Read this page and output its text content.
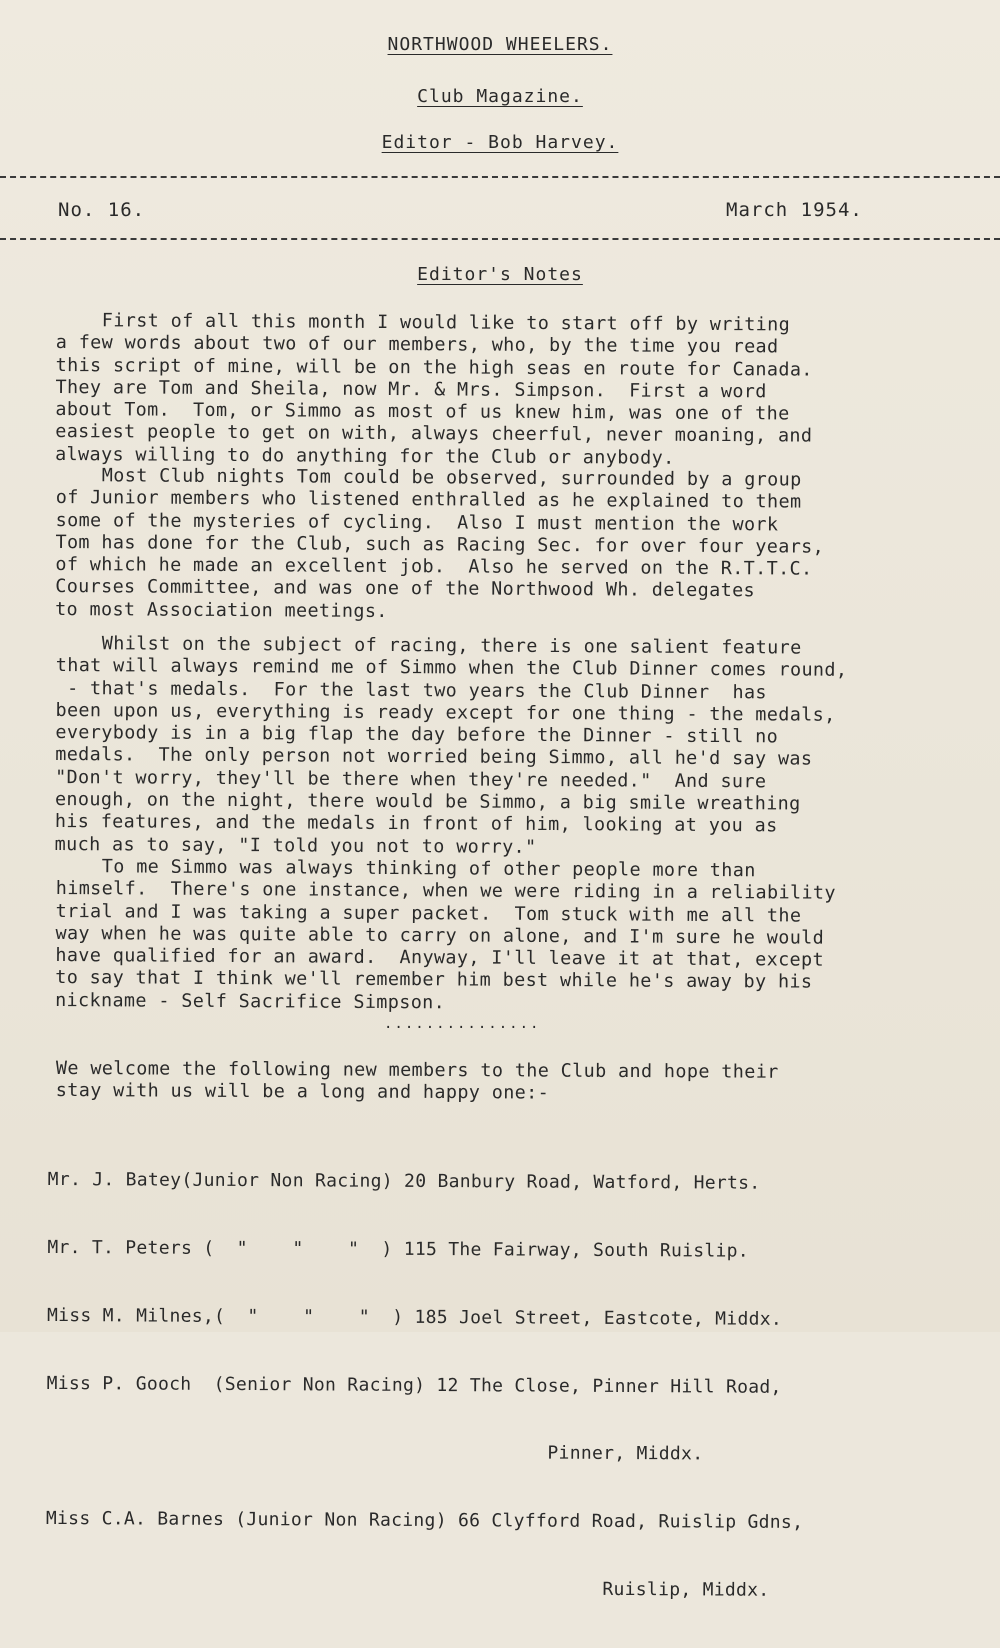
NORTHWOOD WHEELERS.
Club Magazine.
Editor - Bob Harvey.
No. 16.	March 1954.
Editor's Notes
First of all this month I would like to start off by writing
a few words about two of our members, who, by the time you read
this script of mine, will be on the high seas en route for Canada.
They are Tom and Sheila, now Mr. & Mrs. Simpson.  First a word
about Tom.  Tom, or Simmo as most of us knew him, was one of the
easiest people to get on with, always cheerful, never moaning, and
always willing to do anything for the Club or anybody.
Most Club nights Tom could be observed, surrounded by a group
of Junior members who listened enthralled as he explained to them
some of the mysteries of cycling.  Also I must mention the work
Tom has done for the Club, such as Racing Sec. for over four years,
of which he made an excellent job.  Also he served on the R.T.T.C.
Courses Committee, and was one of the Northwood Wh. delegates
to most Association meetings.
Whilst on the subject of racing, there is one salient feature
that will always remind me of Simmo when the Club Dinner comes round,
- that's medals.  For the last two years the Club Dinner  has
been upon us, everything is ready except for one thing - the medals,
everybody is in a big flap the day before the Dinner - still no
medals.  The only person not worried being Simmo, all he'd say was
"Don't worry, they'll be there when they're needed."  And sure
enough, on the night, there would be Simmo, a big smile wreathing
his features, and the medals in front of him, looking at you as
much as to say, "I told you not to worry."
To me Simmo was always thinking of other people more than
himself.  There's one instance, when we were riding in a reliability
trial and I was taking a super packet.  Tom stuck with me all the
way when he was quite able to carry on alone, and I'm sure he would
have qualified for an award.  Anyway, I'll leave it at that, except
to say that I think we'll remember him best while he's away by his
nickname - Self Sacrifice Simpson.
...............
We welcome the following new members to the Club and hope their
stay with us will be a long and happy one:-

Mr. J. Batey(Junior Non Racing) 20 Banbury Road, Watford, Herts.

Mr. T. Peters (  "    "    "  ) 115 The Fairway, South Ruislip.

Miss M. Milnes,(  "    "    "  ) 185 Joel Street, Eastcote, Middx.

Miss P. Gooch  (Senior Non Racing) 12 The Close, Pinner Hill Road,

Pinner, Middx.

Miss C.A. Barnes (Junior Non Racing) 66 Clyfford Road, Ruislip Gdns,

Ruislip, Middx.
